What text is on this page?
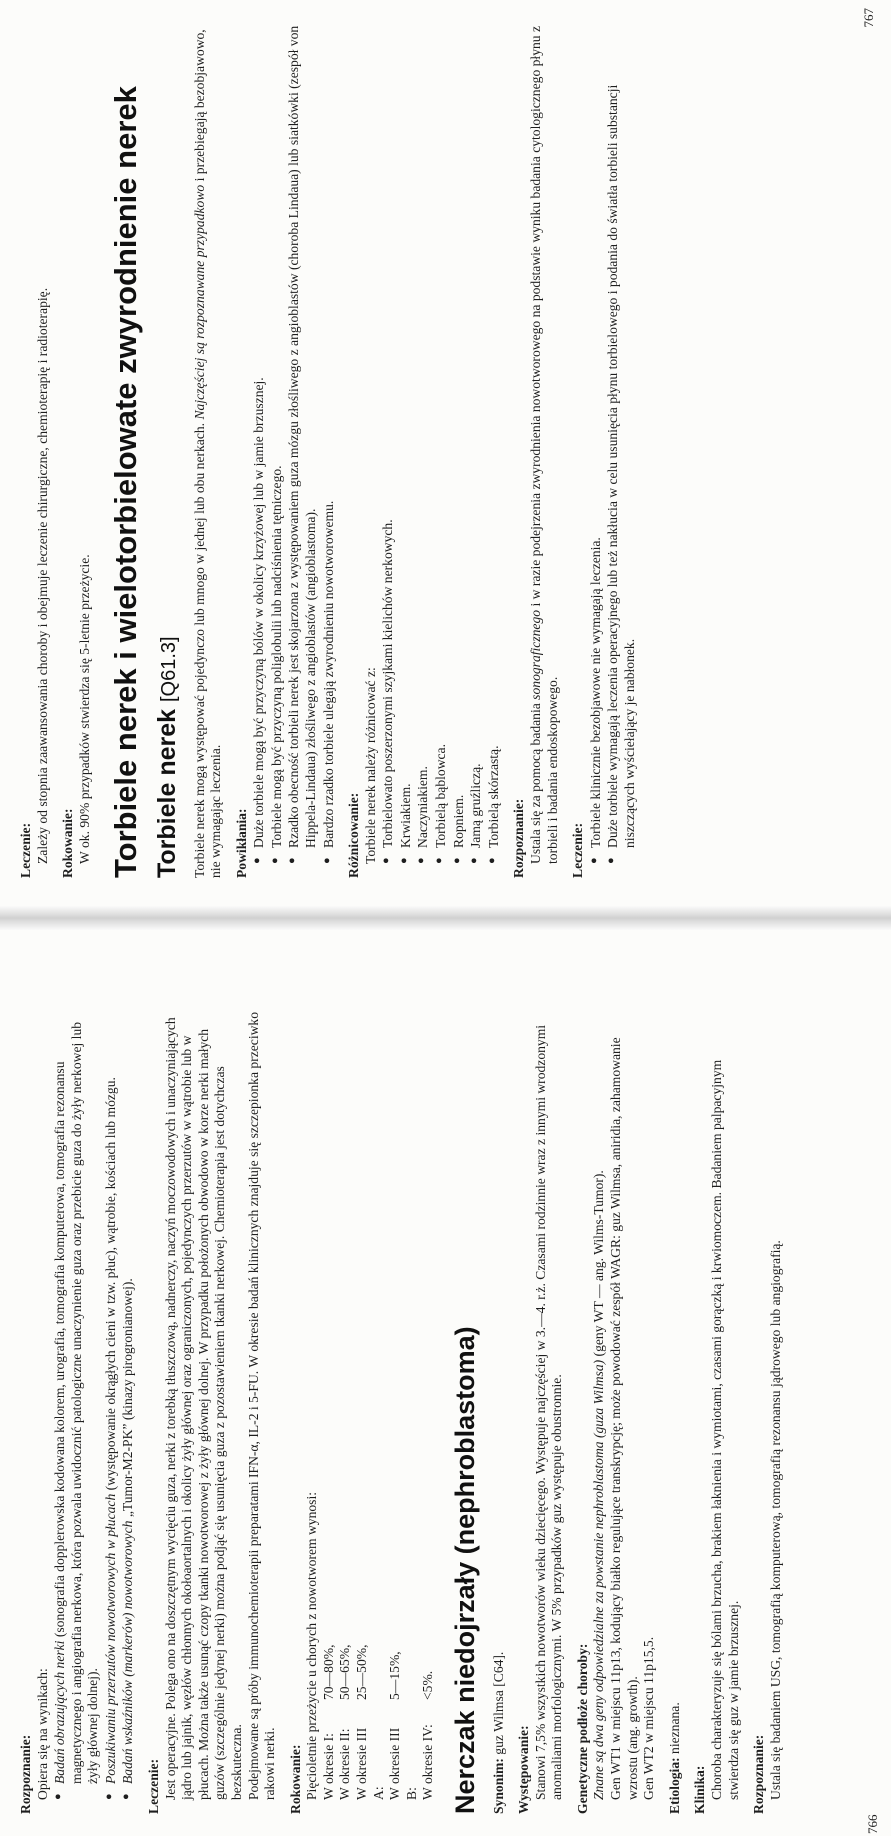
Leczenie: Zależy od stopnia zaawansowania choroby i obejmuje leczenie chirurgiczne, chemioterapię i radioterapię. Rokowanie: W ok. 90% przypadków stwierdza się 5-letnie przeżycie. Torbiele nerek i wielotorbielowate zwyrodnienie nerek Torbiele nerek [Q61.3] Torbiele nerek mogą występować pojedynczo lub mnogo w jednej lub obu nerkach. Najczęściej są rozpoznawane przypadkowo i przebiegają bezobjawowo, nie wymagając leczenia. Powikłania: ● Duże torbiele mogą być przyczyną bólów w okolicy krzyżowej lub w jamie brzusznej. ● Torbiele mogą być przyczyną poliglobulii lub nadciśnienia tętniczego. ● Rzadko obecność torbieli nerek jest skojarzona z występowaniem guza mózgu złośliwego z angioblastów (choroba Lindaua) lub siatkówki (zespół von Hippela-Lindaua) złośliwego z angioblastów (angioblastoma). ● Bardzo rzadko torbiele ulegają zwyrodnieniu nowotworowemu. Różnicowanie: Torbiele nerek należy różnicować z: ● Torbielowato poszerzonymi szyjkami kielichów nerkowych. ● Krwiakiem. ● Naczyniakiem. ● Torbielą bąblowca. ● Ropniem. ● Jamą gruźliczą. ● Torbielą skórzastą. Rozpoznanie: Ustala się za pomocą badania sonograficznego i w razie podejrzenia zwyrodnienia nowotworowego na podstawie wyniku badania cytologicznego płynu z torbieli i badania endoskopowego. Leczenie:
● Torbiele klinicznie bezobjawowe nie wymagają leczenia. ● Duże torbiele wymagają leczenia operacyjnego lub też nakłucia w celu usunięcia płynu torbielowego i podania do światła torbieli substancji niszczących wyściełający je nabłonek.
767
Rozpoznanie: Opiera się na wynikach: ● Badań obrazujących nerki (sonografia dopplerowska kodowana kolorem, urografia, tomografia komputerowa, tomografia rezonansu magnetycznego i angiografia nerkowa, która pozwala uwidocznić patologiczne unaczynienie guza oraz przebicie guza do żyły nerkowej lub żyły głównej dolnej). ● Poszukiwaniu przerzutów nowotworowych w płucach (występowanie okrągłych cieni w tzw. płuc), wątrobie, kościach lub mózgu.
● Badań wskaźników (markerów) nowotworowych „Tumor-M2-PK” (kinazy pirogronianowej).
Leczenie: Jest operacyjne. Polega ono na doszczętnym wycięciu guza, nerki z torebką tłuszczową, nadnerczy, naczyń moczowodowych i unaczyniających jądro lub jajnik, węzłów chłonnych okołoaortalnych i okolicy żyły głównej oraz ograniczonych, pojedynczych przerzutów w wątrobie lub w płucach. Można także usunąć czopy tkanki nowotworowej z żyły głównej dolnej. W przypadku położonych obwodowo w korze nerki małych guzów (szczególnie jedynej nerki) można podjąć się usunięcia guza z pozostawieniem tkanki nerkowej. Chemioterapia jest dotychczas bezskuteczna. Podejmowane są próby immunochemioterapii preparatami IFN-α, IL-2 i 5-FU. W okresie badań klinicznych znajduje się szczepionka przeciwko rakowi nerki. Rokowanie: Pięcioletnie przeżycie u chorych z nowotworem wynosi: W okresie I:
70—80%,
W okresie II:
50—65%,
W okresie III A:
25—50%,
W okresie III B:
5—15%,
W okresie IV:
<5%. Nerczak niedojrzały (nephroblastoma) Synonim: guz Wilmsa [C64].
Występowanie: Stanowi 7,5% wszystkich nowotworów wieku dziecięcego. Występuje najczęściej w 3.—4. r.ż. Czasami rodzinnie wraz z innymi wrodzonymi anomaliami morfologicznymi. W 5% przypadków guz występuje obustronnie. Genetyczne podłoże choroby: Znane są dwa geny odpowiedzialne za powstanie nephroblastoma (guza Wilmsa) (geny WT — ang. Wilms-Tumor). Gen WT1 w miejscu 11p13, kodujący białko regulujące transkrypcję; może powodować zespół WAGR: guz Wilmsa, aniridia, zahamowanie wzrostu (ang. growth). Gen WT2 w miejscu 11p15,5. Etiologia: nieznana.
Klinika: Choroba charakteryzuje się bólami brzucha, brakiem łaknienia i wymiotami, czasami gorączką i krwiomoczem. Badaniem palpacyjnym stwierdza się guz w jamie brzusznej. Rozpoznanie: Ustala się badaniem USG, tomografią komputerową, tomografią rezonansu jądrowego lub angiografią.
766
